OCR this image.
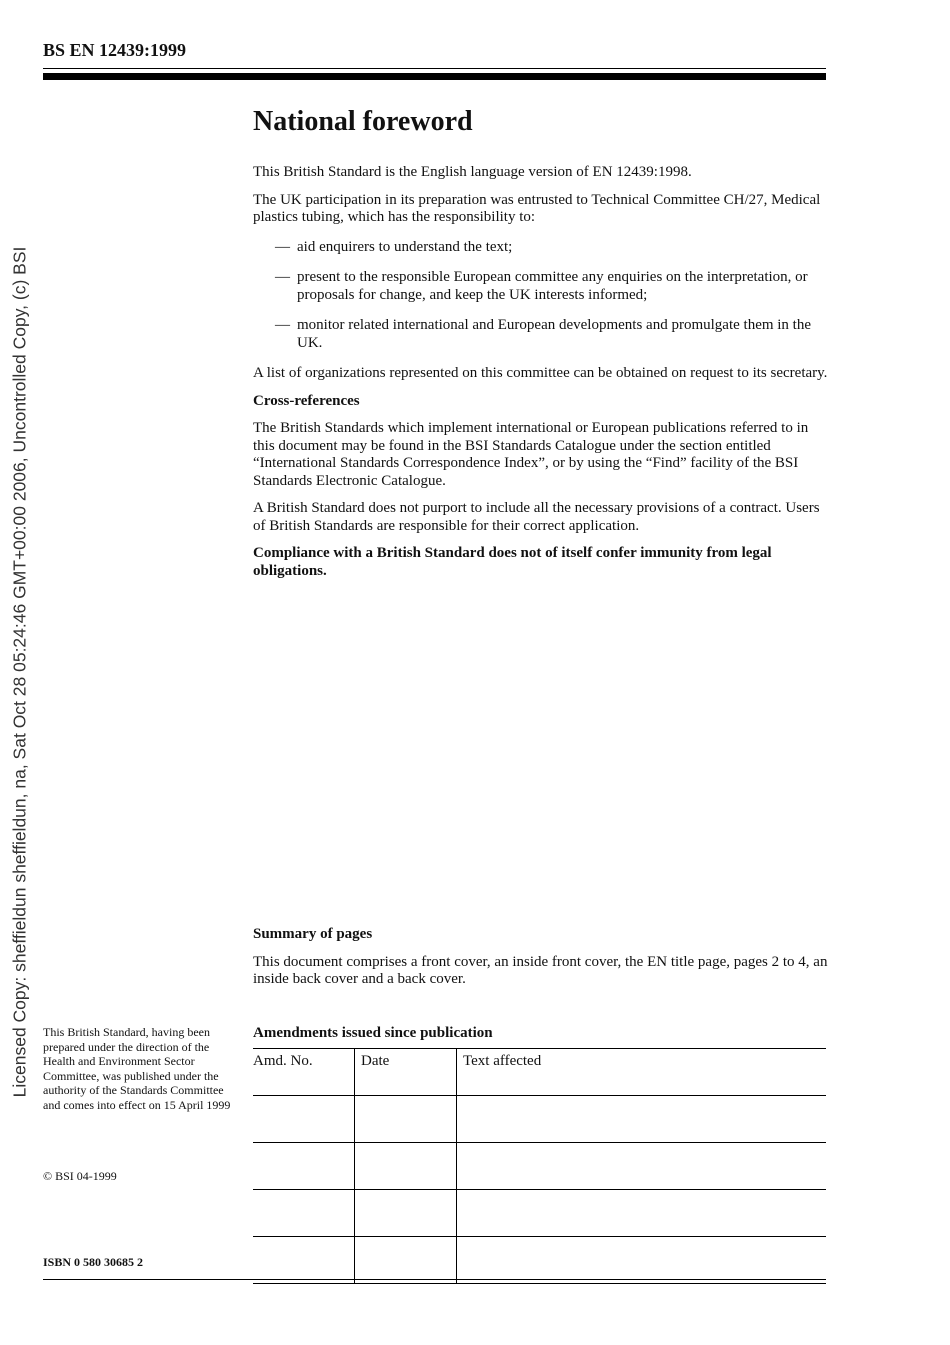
BS EN 12439:1999
National foreword

This British Standard is the English language version of EN 12439:1998.

The UK participation in its preparation was entrusted to Technical Committee CH/27, Medical plastics tubing, which has the responsibility to:

— aid enquirers to understand the text;
— present to the responsible European committee any enquiries on the interpretation, or proposals for change, and keep the UK interests informed;
— monitor related international and European developments and promulgate them in the UK.

A list of organizations represented on this committee can be obtained on request to its secretary.

Cross-references

The British Standards which implement international or European publications referred to in this document may be found in the BSI Standards Catalogue under the section entitled “International Standards Correspondence Index”, or by using the “Find” facility of the BSI Standards Electronic Catalogue.

A British Standard does not purport to include all the necessary provisions of a contract. Users of British Standards are responsible for their correct application.

Compliance with a British Standard does not of itself confer immunity from legal obligations.

Summary of pages

This document comprises a front cover, an inside front cover, the EN title page, pages 2 to 4, an inside back cover and a back cover.

This British Standard, having been prepared under the direction of the Health and Environment Sector Committee, was published under the authority of the Standards Committee and comes into effect on 15 April 1999
© BSI 04-1999
ISBN 0 580 30685 2
Amendments issued since publication
Amd. No.	Date	Text affected

Licensed Copy: sheffieldun sheffieldun, na, Sat Oct 28 05:24:46 GMT+00:00 2006, Uncontrolled Copy, (c) BSI
